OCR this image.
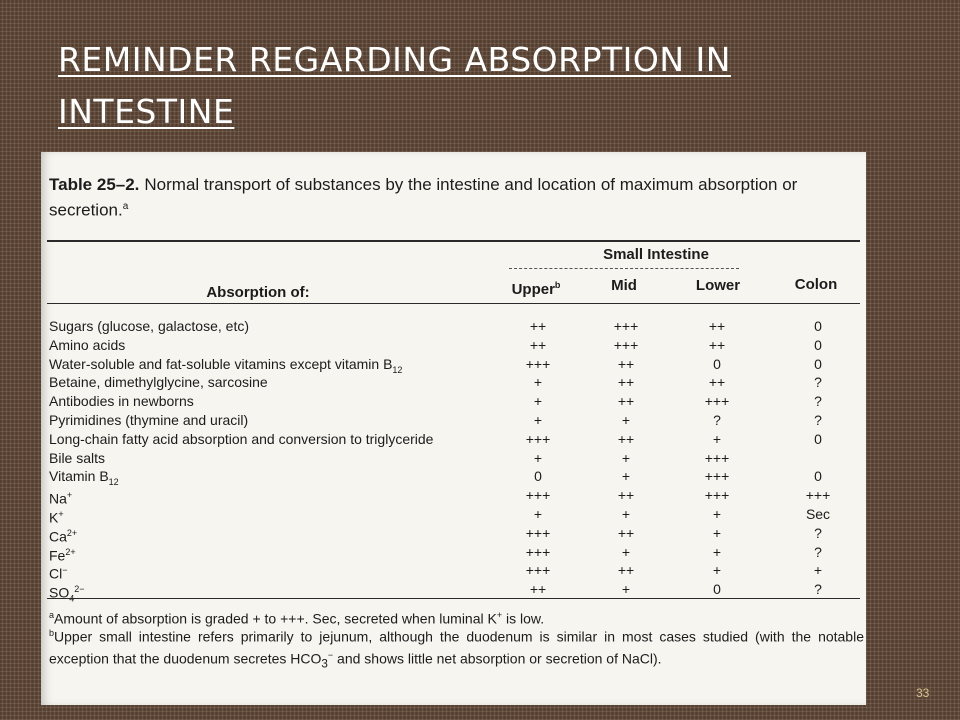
REMINDER REGARDING ABSORPTION IN INTESTINE
Table 25–2. Normal transport of substances by the intestine and location of maximum absorption or secretion.$^a$
Small Intestine
Absorption of:	Upper$^b$	Mid	Lower	Colon
Sugars (glucose, galactose, etc)	++	+++	++	0
Amino acids	++	+++	++	0
Water-soluble and fat-soluble vitamins except vitamin $B_{12}$	+++	++	0	0
Betaine, dimethylglycine, sarcosine	+	++	++	?
Antibodies in newborns	+	++	+++	?
Pyrimidines (thymine and uracil)	+	+	?	?
Long-chain fatty acid absorption and conversion to triglyceride	+++	++	+	0
Bile salts	+	+	+++
Vitamin $B_{12}$	0	+	+++	0
Na+	+++	++	+++	+++
K+	+	+	+	Sec
$Ca^{2+}$	+++	++	+	?
$Fe^{2+}$	+++	+	+	?
Cl−	+++	++	+	+
$SO_4^{2-}$	++	+	0	?
$^a$Amount of absorption is graded + to +++. Sec, secreted when luminal K+ is low.
$^b$Upper small intestine refers primarily to jejunum, although the duodenum is similar in most cases studied (with the notable exception that the duodenum secretes $HCO_3^-$ and shows little net absorption or secretion of NaCl).
33
